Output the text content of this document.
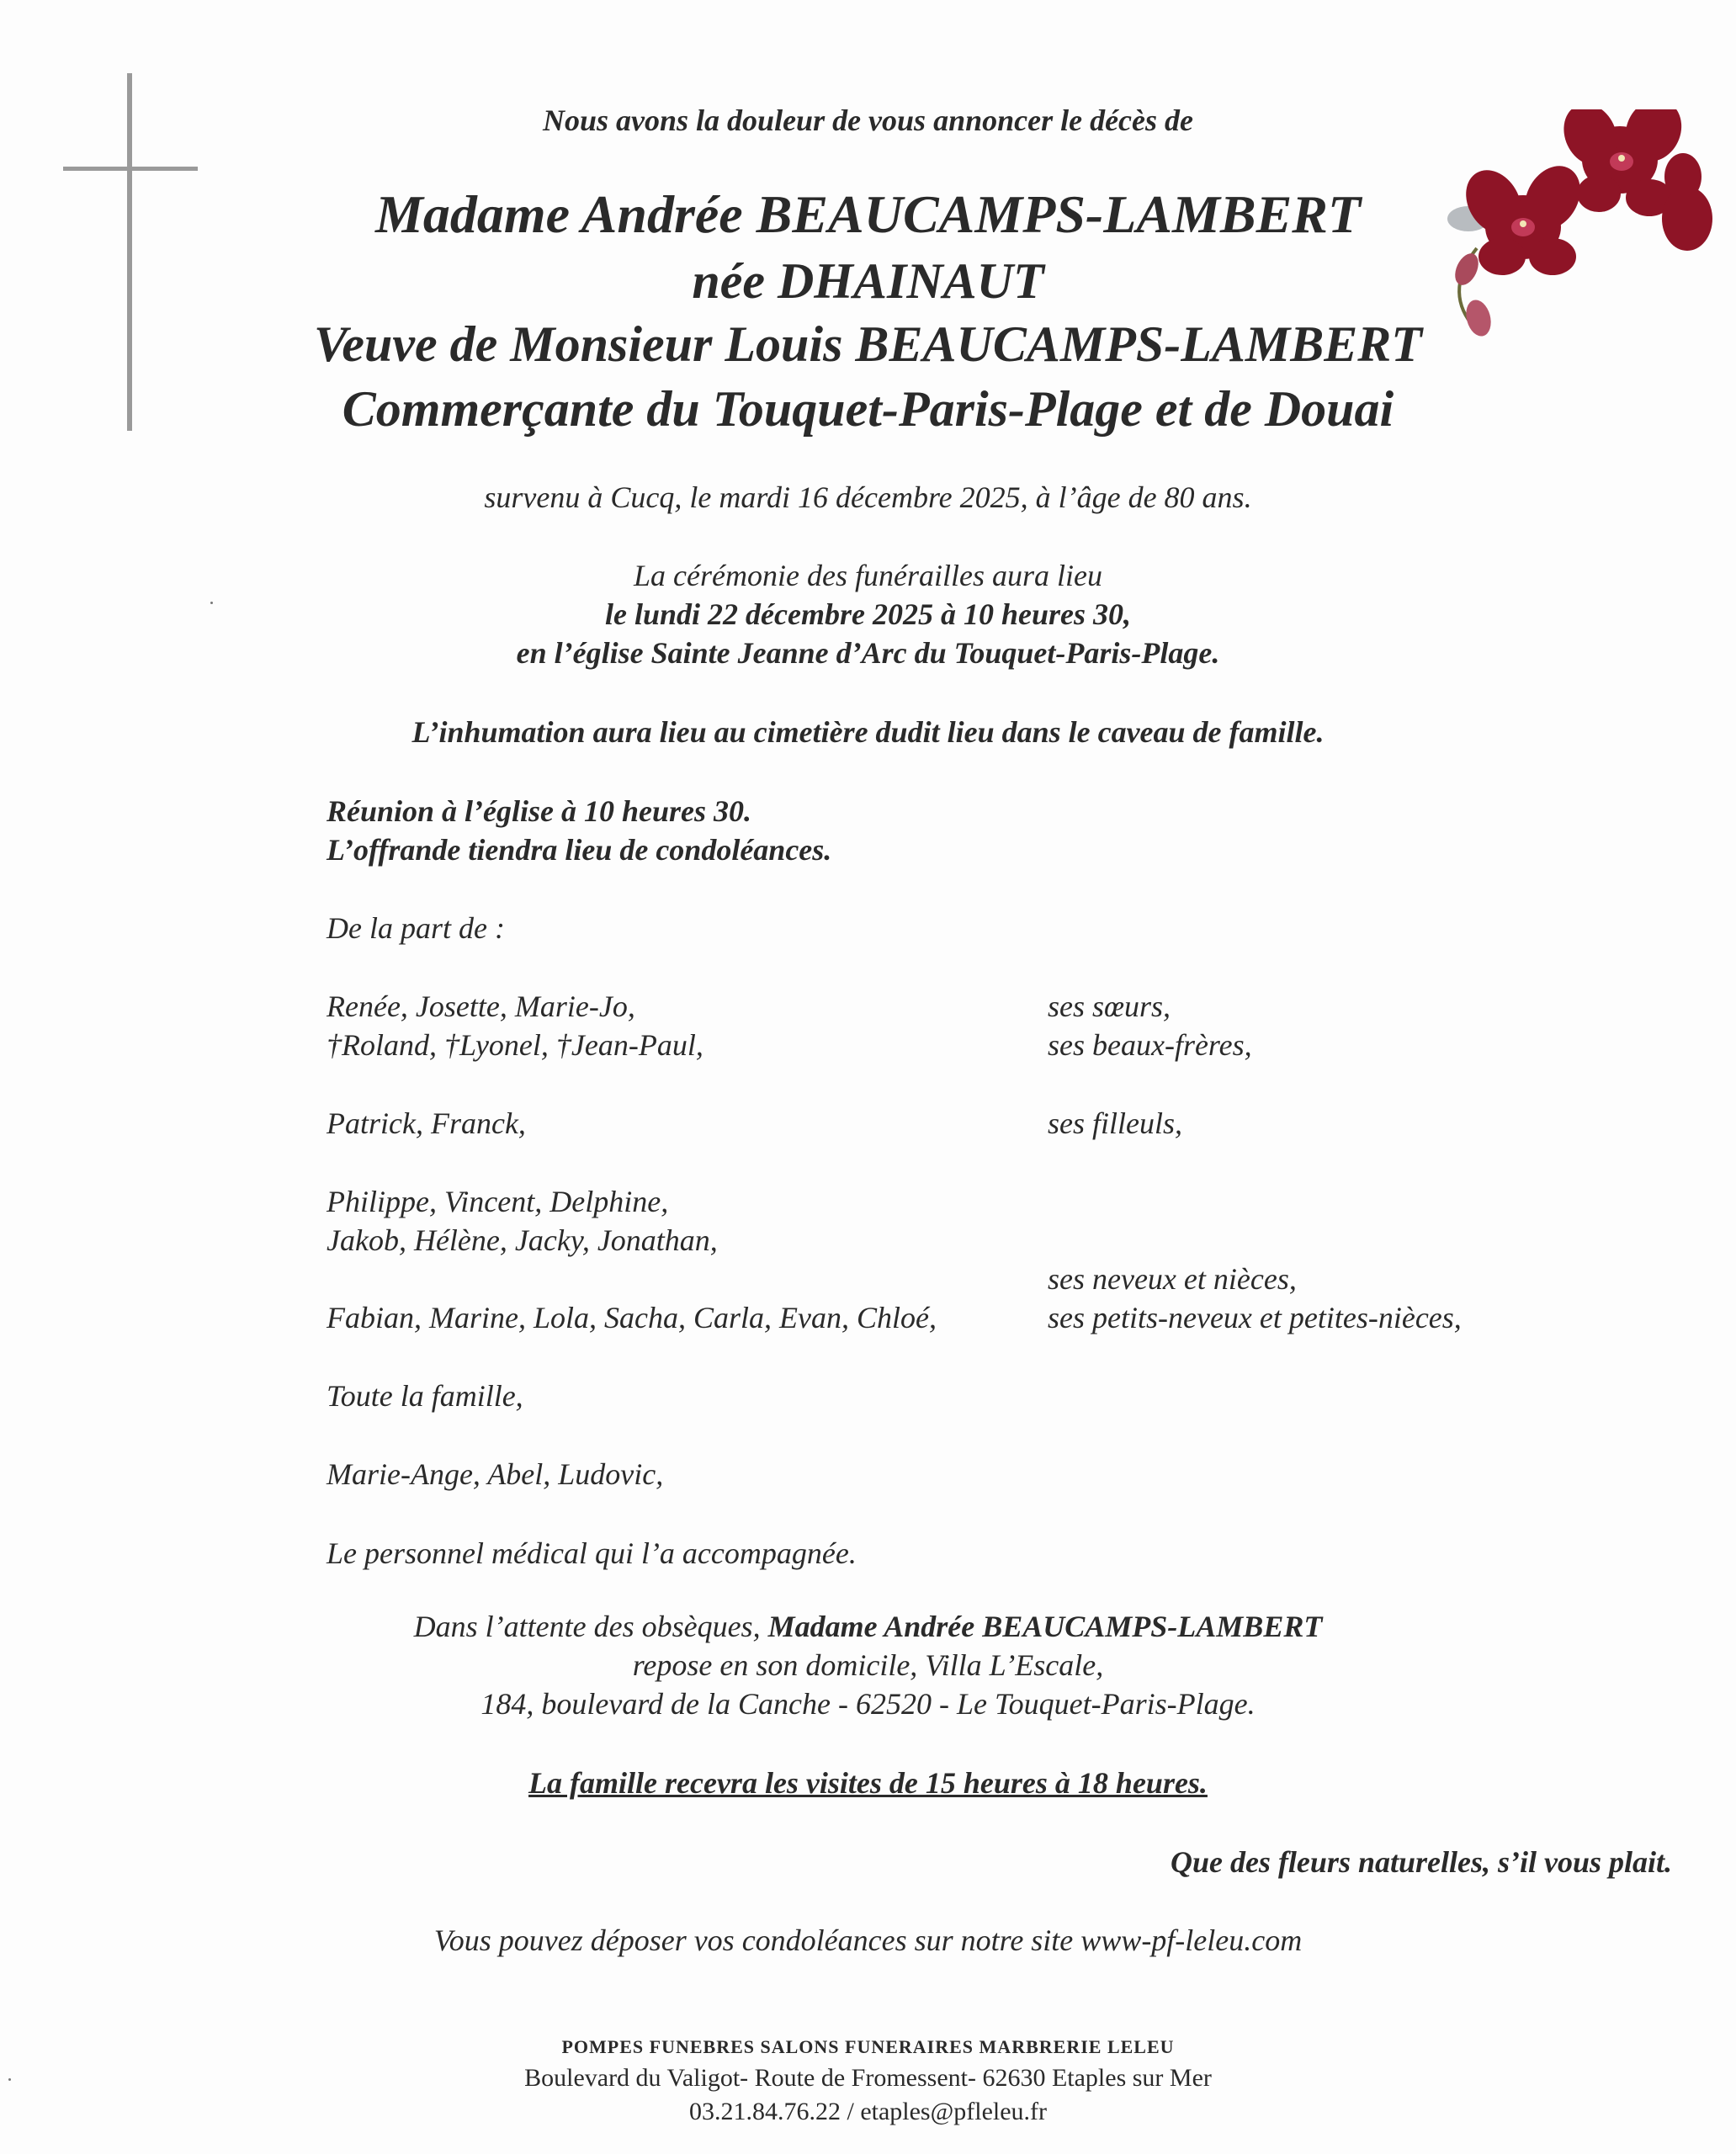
Nous avons la douleur de vous annoncer le décès de
Madame Andrée BEAUCAMPS-LAMBERT
née DHAINAUT
Veuve de Monsieur Louis BEAUCAMPS-LAMBERT
Commerçante du Touquet-Paris-Plage et de Douai
survenu à Cucq, le mardi 16 décembre 2025, à l’âge de 80 ans.
La cérémonie des funérailles aura lieu
le lundi 22 décembre 2025 à 10 heures 30,
en l’église Sainte Jeanne d’Arc du Touquet-Paris-Plage.
L’inhumation aura lieu au cimetière dudit lieu dans le caveau de famille.
Réunion à l’église à 10 heures 30.
L’offrande tiendra lieu de condoléances.
De la part de :
Renée, Josette, Marie-Jo,	ses sœurs,
†Roland, †Lyonel, †Jean-Paul,	ses beaux-frères,
Patrick, Franck,	ses filleuls,
Philippe, Vincent, Delphine,
Jakob, Hélène, Jacky, Jonathan,
ses neveux et nièces,
Fabian, Marine, Lola, Sacha, Carla, Evan, Chloé,	ses petits-neveux et petites-nièces,
Toute la famille,
Marie-Ange, Abel, Ludovic,
Le personnel médical qui l’a accompagnée.
Dans l’attente des obsèques, Madame Andrée BEAUCAMPS-LAMBERT
repose en son domicile, Villa L’Escale,
184, boulevard de la Canche - 62520 - Le Touquet-Paris-Plage.
La famille recevra les visites de 15 heures à 18 heures.
Que des fleurs naturelles, s’il vous plait.
Vous pouvez déposer vos condoléances sur notre site www-pf-leleu.com
POMPES FUNEBRES SALONS FUNERAIRES MARBRERIE LELEU
Boulevard du Valigot- Route de Fromessent- 62630 Etaples sur Mer
03.21.84.76.22 / etaples@pfleleu.fr
